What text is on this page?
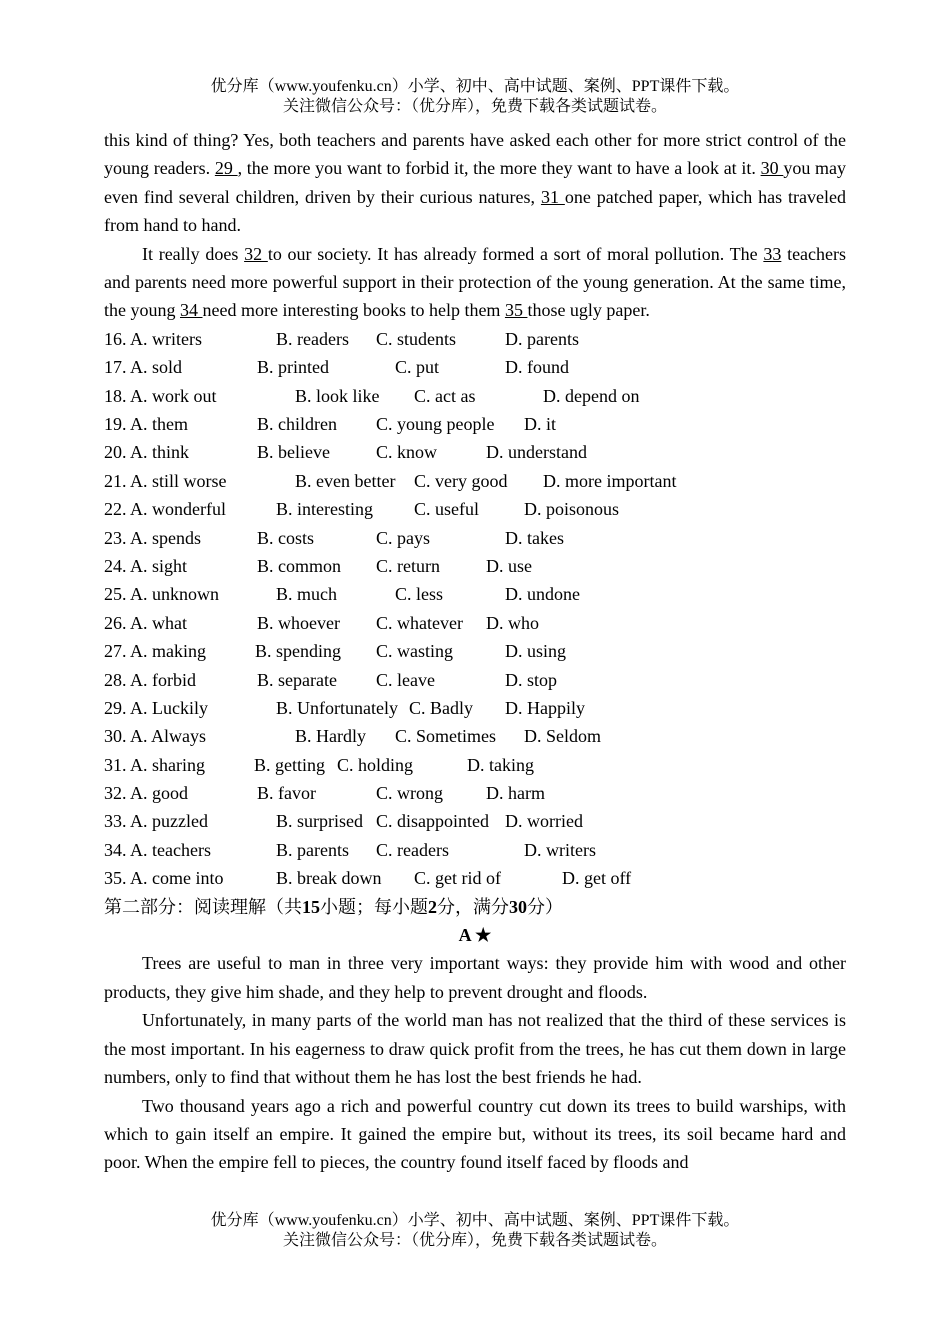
优分库（www.youfenku.cn）小学、初中、高中试题、案例、PPT课件下载。
关注微信公众号：（优分库），免费下载各类试题试卷。

this kind of thing? Yes, both teachers and parents have asked each other for more strict control of the young readers. 29 , the more you want to forbid it, the more they want to have a look at it. 30 you may even find several children, driven by their curious natures, 31 one patched paper, which has traveled from hand to hand.

It really does 32 to our society. It has already formed a sort of moral pollution. The 33 teachers and parents need more powerful support in their protection of the young generation. At the same time, the young 34 need more interesting books to help them 35 those ugly paper.

16. A. writers	B. readers C. students	D. parents
17. A. sold	B. printed	C. put	D. found
18. A. work out	B. look like C. act as	D. depend on
19. A. them	B. children C. young people D. it
20. A. think	B. believe	C. know	D. understand
21. A. still worse	B. even better C. very good D. more important
22. A. wonderful	B. interesting C. useful	D. poisonous
23. A. spends	B. costs	C. pays	D. takes
24. A. sight	B. common C. return	D. use
25. A. unknown	B. much	C. less	D. undone
26. A. what	B. whoever C. whatever D. who
27. A. making	B. spending C. wasting	D. using
28. A. forbid	B. separate C. leave	D. stop
29. A. Luckily	B. Unfortunately C. Badly D. Happily
30. A. Always	B. Hardly C. Sometimes D. Seldom
31. A. sharing	B. getting C. holding	D. taking
32. A. good	B. favor	C. wrong D. harm
33. A. puzzled	B. surprised C. disappointed D. worried
34. A. teachers	B. parents C. readers	D. writers
35. A. come into	B. break down C. get rid of	D. get off

第二部分：阅读理解（共15小题；每小题2分，满分30分）

A ★

Trees are useful to man in three very important ways: they provide him with wood and other products, they give him shade, and they help to prevent drought and floods.

Unfortunately, in many parts of the world man has not realized that the third of these services is the most important. In his eagerness to draw quick profit from the trees, he has cut them down in large numbers, only to find that without them he has lost the best friends he had.

Two thousand years ago a rich and powerful country cut down its trees to build warships, with which to gain itself an empire. It gained the empire but, without its trees, its soil became hard and poor. When the empire fell to pieces, the country found itself faced by floods and

优分库（www.youfenku.cn）小学、初中、高中试题、案例、PPT课件下载。
关注微信公众号：（优分库），免费下载各类试题试卷。
